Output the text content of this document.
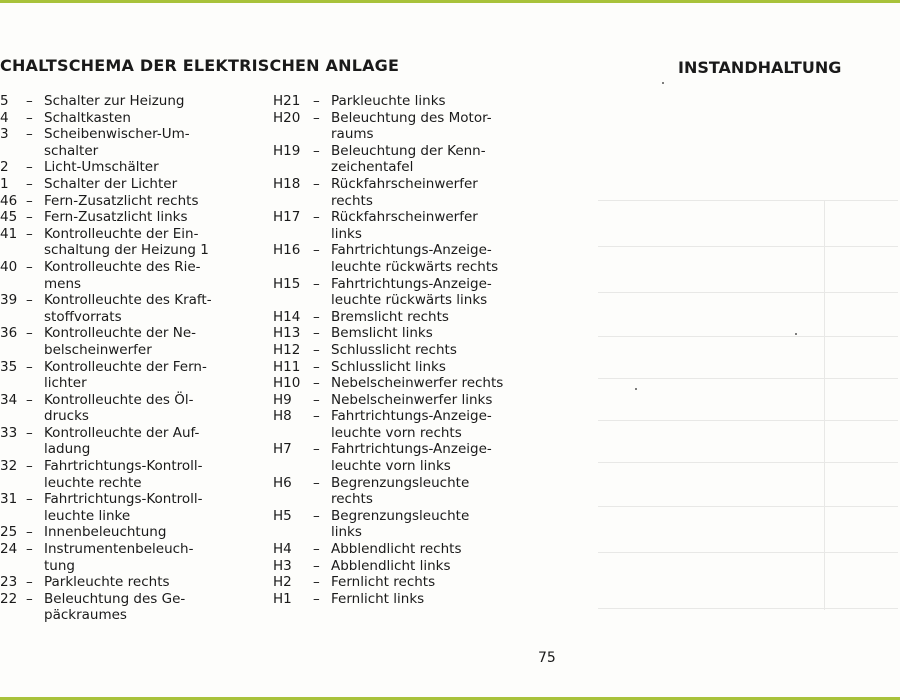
CHALTSCHEMA DER ELEKTRISCHEN ANLAGE	INSTANDHALTUNG
5	– Schalter zur Heizung
4	– Schaltkasten
3	– Scheibenwischer-Um-
schalter
2	– Licht-Umschälter
1	– Schalter der Lichter
46 – Fern-Zusatzlicht rechts
45 – Fern-Zusatzlicht links
41 – Kontrolleuchte der Ein-
schaltung der Heizung 1
40 – Kontrolleuchte des Rie-
mens
39 – Kontrolleuchte des Kraft-
stoffvorrats
36 – Kontrolleuchte der Ne-
belscheinwerfer
35 – Kontrolleuchte der Fern-
lichter
34 – Kontrolleuchte des Öl-
drucks
33 – Kontrolleuchte der Auf-
ladung
32 – Fahrtrichtungs-Kontroll-
leuchte rechte
31 – Fahrtrichtungs-Kontroll-
leuchte linke
25 – Innenbeleuchtung
24 – Instrumentenbeleuch-
tung
23 – Parkleuchte rechts
22 – Beleuchtung des Ge-
päckraumes
H21 – Parkleuchte links
H20 – Beleuchtung des Motor-
raums
H19 – Beleuchtung der Kenn-
zeichentafel
H18 – Rückfahrscheinwerfer
rechts
H17 – Rückfahrscheinwerfer
links
H16 – Fahrtrichtungs-Anzeige-
leuchte rückwärts rechts
H15 – Fahrtrichtungs-Anzeige-
leuchte rückwärts links
H14 – Bremslicht rechts
H13 – Bemslicht links
H12 – Schlusslicht rechts
H11 – Schlusslicht links
H10 – Nebelscheinwerfer rechts
H9	– Nebelscheinwerfer links
H8	– Fahrtrichtungs-Anzeige-
leuchte vorn rechts
H7	– Fahrtrichtungs-Anzeige-
leuchte vorn links
H6	– Begrenzungsleuchte
rechts
H5	– Begrenzungsleuchte
links
H4	– Abblendlicht rechts
H3	– Abblendlicht links
H2	– Fernlicht rechts
H1	– Fernlicht links
75
